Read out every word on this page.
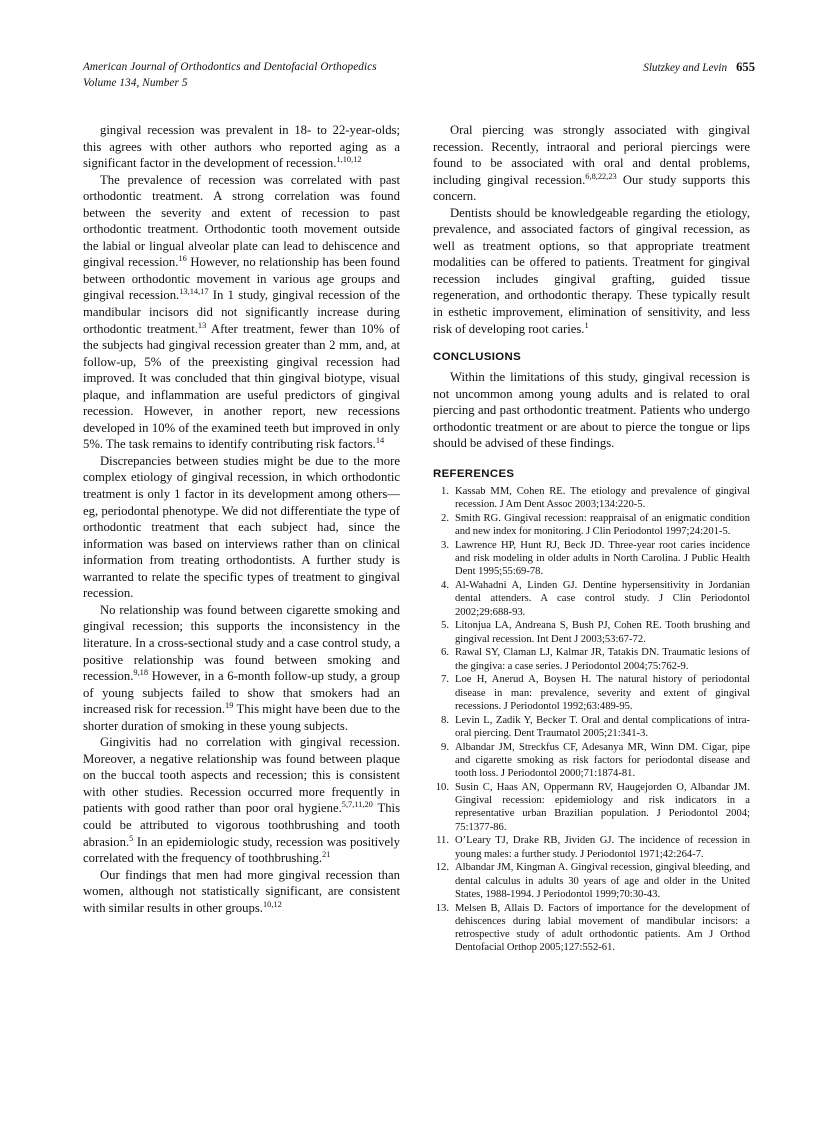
American Journal of Orthodontics and Dentofacial Orthopedics
Volume 134, Number 5
Slutzkey and Levin 655

gingival recession was prevalent in 18- to 22-year-olds; this agrees with other authors who reported aging as a significant factor in the development of recession.$^{1,10,12}$

The prevalence of recession was correlated with past orthodontic treatment. A strong correlation was found between the severity and extent of recession to past orthodontic treatment. Orthodontic tooth movement outside the labial or lingual alveolar plate can lead to dehiscence and gingival recession.$^{16}$ However, no relationship has been found between orthodontic movement in various age groups and gingival recession.$^{13,14,17}$ In 1 study, gingival recession of the mandibular incisors did not significantly increase during orthodontic treatment.$^{13}$ After treatment, fewer than 10% of the subjects had gingival recession greater than 2 mm, and, at follow-up, 5% of the preexisting gingival recession had improved. It was concluded that thin gingival biotype, visual plaque, and inflammation are useful predictors of gingival recession. However, in another report, new recessions developed in 10% of the examined teeth but improved in only 5%. The task remains to identify contributing risk factors.$^{14}$

Discrepancies between studies might be due to the more complex etiology of gingival recession, in which orthodontic treatment is only 1 factor in its development among others—eg, periodontal phenotype. We did not differentiate the type of orthodontic treatment that each subject had, since the information was based on interviews rather than on clinical information from treating orthodontists. A further study is warranted to relate the specific types of treatment to gingival recession.

No relationship was found between cigarette smoking and gingival recession; this supports the inconsistency in the literature. In a cross-sectional study and a case control study, a positive relationship was found between smoking and recession.$^{9,18}$ However, in a 6-month follow-up study, a group of young subjects failed to show that smokers had an increased risk for recession.$^{19}$ This might have been due to the shorter duration of smoking in these young subjects.

Gingivitis had no correlation with gingival recession. Moreover, a negative relationship was found between plaque on the buccal tooth aspects and recession; this is consistent with other studies. Recession occurred more frequently in patients with good rather than poor oral hygiene.$^{5,7,11,20}$ This could be attributed to vigorous toothbrushing and tooth abrasion.$^5$ In an epidemiologic study, recession was positively correlated with the frequency of toothbrushing.$^{21}$

Our findings that men had more gingival recession than women, although not statistically significant, are consistent with similar results in other groups.$^{10,12}$

Oral piercing was strongly associated with gingival recession. Recently, intraoral and perioral piercings were found to be associated with oral and dental problems, including gingival recession.$^{6,8,22,23}$ Our study supports this concern.

Dentists should be knowledgeable regarding the etiology, prevalence, and associated factors of gingival recession, as well as treatment options, so that appropriate treatment modalities can be offered to patients. Treatment for gingival recession includes gingival grafting, guided tissue regeneration, and orthodontic therapy. These typically result in esthetic improvement, elimination of sensitivity, and less risk of developing root caries.$^1$

CONCLUSIONS

Within the limitations of this study, gingival recession is not uncommon among young adults and is related to oral piercing and past orthodontic treatment. Patients who undergo orthodontic treatment or are about to pierce the tongue or lips should be advised of these findings.

REFERENCES
1. Kassab MM, Cohen RE. The etiology and prevalence of gingival recession. J Am Dent Assoc 2003;134:220-5.
2. Smith RG. Gingival recession: reappraisal of an enigmatic condition and new index for monitoring. J Clin Periodontol 1997;24:201-5.
3. Lawrence HP, Hunt RJ, Beck JD. Three-year root caries incidence and risk modeling in older adults in North Carolina. J Public Health Dent 1995;55:69-78.
4. Al-Wahadni A, Linden GJ. Dentine hypersensitivity in Jordanian dental attenders. A case control study. J Clin Periodontol 2002;29:688-93.
5. Litonjua LA, Andreana S, Bush PJ, Cohen RE. Tooth brushing and gingival recession. Int Dent J 2003;53:67-72.
6. Rawal SY, Claman LJ, Kalmar JR, Tatakis DN. Traumatic lesions of the gingiva: a case series. J Periodontol 2004;75:762-9.
7. Loe H, Anerud A, Boysen H. The natural history of periodontal disease in man: prevalence, severity and extent of gingival recessions. J Periodontol 1992;63:489-95.
8. Levin L, Zadik Y, Becker T. Oral and dental complications of intra-oral piercing. Dent Traumatol 2005;21:341-3.
9. Albandar JM, Streckfus CF, Adesanya MR, Winn DM. Cigar, pipe and cigarette smoking as risk factors for periodontal disease and tooth loss. J Periodontol 2000;71:1874-81.
10. Susin C, Haas AN, Oppermann RV, Haugejorden O, Albandar JM. Gingival recession: epidemiology and risk indicators in a representative urban Brazilian population. J Periodontol 2004; 75:1377-86.
11. O’Leary TJ, Drake RB, Jividen GJ. The incidence of recession in young males: a further study. J Periodontol 1971;42:264-7.
12. Albandar JM, Kingman A. Gingival recession, gingival bleeding, and dental calculus in adults 30 years of age and older in the United States, 1988-1994. J Periodontol 1999;70:30-43.
13. Melsen B, Allais D. Factors of importance for the development of dehiscences during labial movement of mandibular incisors: a retrospective study of adult orthodontic patients. Am J Orthod Dentofacial Orthop 2005;127:552-61.
